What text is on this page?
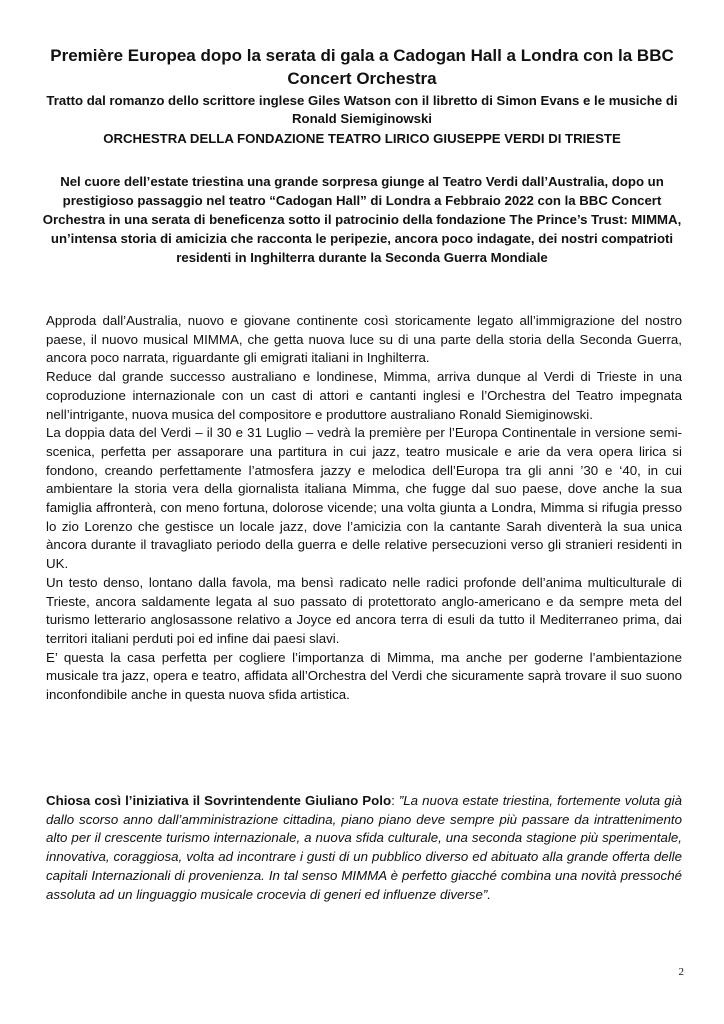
Première Europea dopo la serata di gala a Cadogan Hall a Londra con la BBC Concert Orchestra
Tratto dal romanzo dello scrittore inglese Giles Watson con il libretto di Simon Evans e le musiche di Ronald Siemiginowski
ORCHESTRA DELLA FONDAZIONE TEATRO LIRICO GIUSEPPE VERDI DI TRIESTE
Nel cuore dell’estate triestina una grande sorpresa giunge al Teatro Verdi dall’Australia, dopo un prestigioso passaggio nel teatro “Cadogan Hall” di Londra a Febbraio 2022 con la BBC Concert Orchestra in una serata di beneficenza sotto il patrocinio della fondazione The Prince’s Trust: MIMMA, un’intensa storia di amicizia che racconta le peripezie, ancora poco indagate, dei nostri compatrioti residenti in Inghilterra durante la Seconda Guerra Mondiale

Approda dall’Australia, nuovo e giovane continente così storicamente legato all’immigrazione del nostro paese, il nuovo musical MIMMA, che getta nuova luce su di una parte della storia della Seconda Guerra, ancora poco narrata, riguardante gli emigrati italiani in Inghilterra.

Reduce dal grande successo australiano e londinese, Mimma, arriva dunque al Verdi di Trieste in una coproduzione internazionale con un cast di attori e cantanti inglesi e l’Orchestra del Teatro impegnata nell’intrigante, nuova musica del compositore e produttore australiano Ronald Siemiginowski.

La doppia data del Verdi – il 30 e 31 Luglio – vedrà la première per l’Europa Continentale in versione semi-scenica, perfetta per assaporare una partitura in cui jazz, teatro musicale e arie da vera opera lirica si fondono, creando perfettamente l’atmosfera jazzy e melodica dell’Europa tra gli anni ’30 e ‘40, in cui ambientare la storia vera della giornalista italiana Mimma, che fugge dal suo paese, dove anche la sua famiglia affronterà, con meno fortuna, dolorose vicende; una volta giunta a Londra, Mimma si rifugia presso lo zio Lorenzo che gestisce un locale jazz, dove l’amicizia con la cantante Sarah diventerà la sua unica àncora durante il travagliato periodo della guerra e delle relative persecuzioni verso gli stranieri residenti in UK.

Un testo denso, lontano dalla favola, ma bensì radicato nelle radici profonde dell’anima multiculturale di Trieste, ancora saldamente legata al suo passato di protettorato anglo-americano e da sempre meta del turismo letterario anglosassone relativo a Joyce ed ancora terra di esuli da tutto il Mediterraneo prima, dai territori italiani perduti poi ed infine dai paesi slavi.

E’ questa la casa perfetta per cogliere l’importanza di Mimma, ma anche per goderne l’ambientazione musicale tra jazz, opera e teatro, affidata all’Orchestra del Verdi che sicuramente saprà trovare il suo suono inconfondibile anche in questa nuova sfida artistica.

Chiosa così l’iniziativa il Sovrintendente Giuliano Polo: ”La nuova estate triestina, fortemente voluta già dallo scorso anno dall’amministrazione cittadina, piano piano deve sempre più passare da intrattenimento alto per il crescente turismo internazionale, a nuova sfida culturale, una seconda stagione più sperimentale, innovativa, coraggiosa, volta ad incontrare i gusti di un pubblico diverso ed abituato alla grande offerta delle capitali Internazionali di provenienza. In tal senso MIMMA è perfetto giacché combina una novità pressoché assoluta ad un linguaggio musicale crocevia di generi ed influenze diverse”.

2
